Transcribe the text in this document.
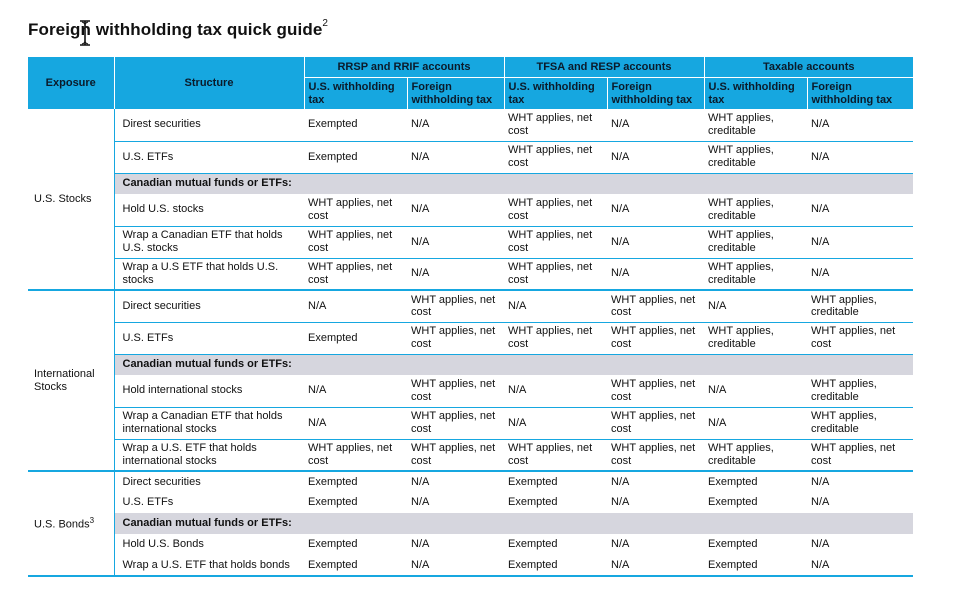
Foreign withholding tax quick guide$^2$
Exposure	Structure	RRSP and RRIF accounts		TFSA and RESP accounts		Taxable accounts	
		U.S. withholding tax	Foreign withholding tax	U.S. withholding tax	Foreign withholding tax	U.S. withholding tax	Foreign withholding tax
U.S. Stocks	Direst securities	Exempted	N/A	WHT applies, net cost	N/A	WHT applies, creditable	N/A
	U.S. ETFs	Exempted	N/A	WHT applies, net cost	N/A	WHT applies, creditable	N/A
	Canadian mutual funds or ETFs:						
	Hold U.S. stocks	WHT applies, net cost	N/A	WHT applies, net cost	N/A	WHT applies, creditable	N/A
	Wrap a Canadian ETF that holds U.S. stocks	WHT applies, net cost	N/A	WHT applies, net cost	N/A	WHT applies, creditable	N/A
	Wrap a U.S ETF that holds U.S. stocks	WHT applies, net cost	N/A	WHT applies, net cost	N/A	WHT applies, creditable	N/A
International Stocks	Direct securities	N/A	WHT applies, net cost	N/A	WHT applies, net cost	N/A	WHT applies, creditable
	U.S. ETFs	Exempted	WHT applies, net cost	WHT applies, net cost	WHT applies, net cost	WHT applies, creditable	WHT applies, net cost
	Canadian mutual funds or ETFs:						
	Hold international stocks	N/A	WHT applies, net cost	N/A	WHT applies, net cost	N/A	WHT applies, creditable
	Wrap a Canadian ETF that holds international stocks	N/A	WHT applies, net cost	N/A	WHT applies, net cost	N/A	WHT applies, creditable
	Wrap a U.S. ETF that holds international stocks	WHT applies, net cost	WHT applies, net cost	WHT applies, net cost	WHT applies, net cost	WHT applies, creditable	WHT applies, net cost
U.S. Bonds$^3$	Direct securities	Exempted	N/A	Exempted	N/A	Exempted	N/A
	U.S. ETFs	Exempted	N/A	Exempted	N/A	Exempted	N/A
	Canadian mutual funds or ETFs:						
	Hold U.S. Bonds	Exempted	N/A	Exempted	N/A	Exempted	N/A
	Wrap a U.S. ETF that holds bonds	Exempted	N/A	Exempted	N/A	Exempted	N/A
